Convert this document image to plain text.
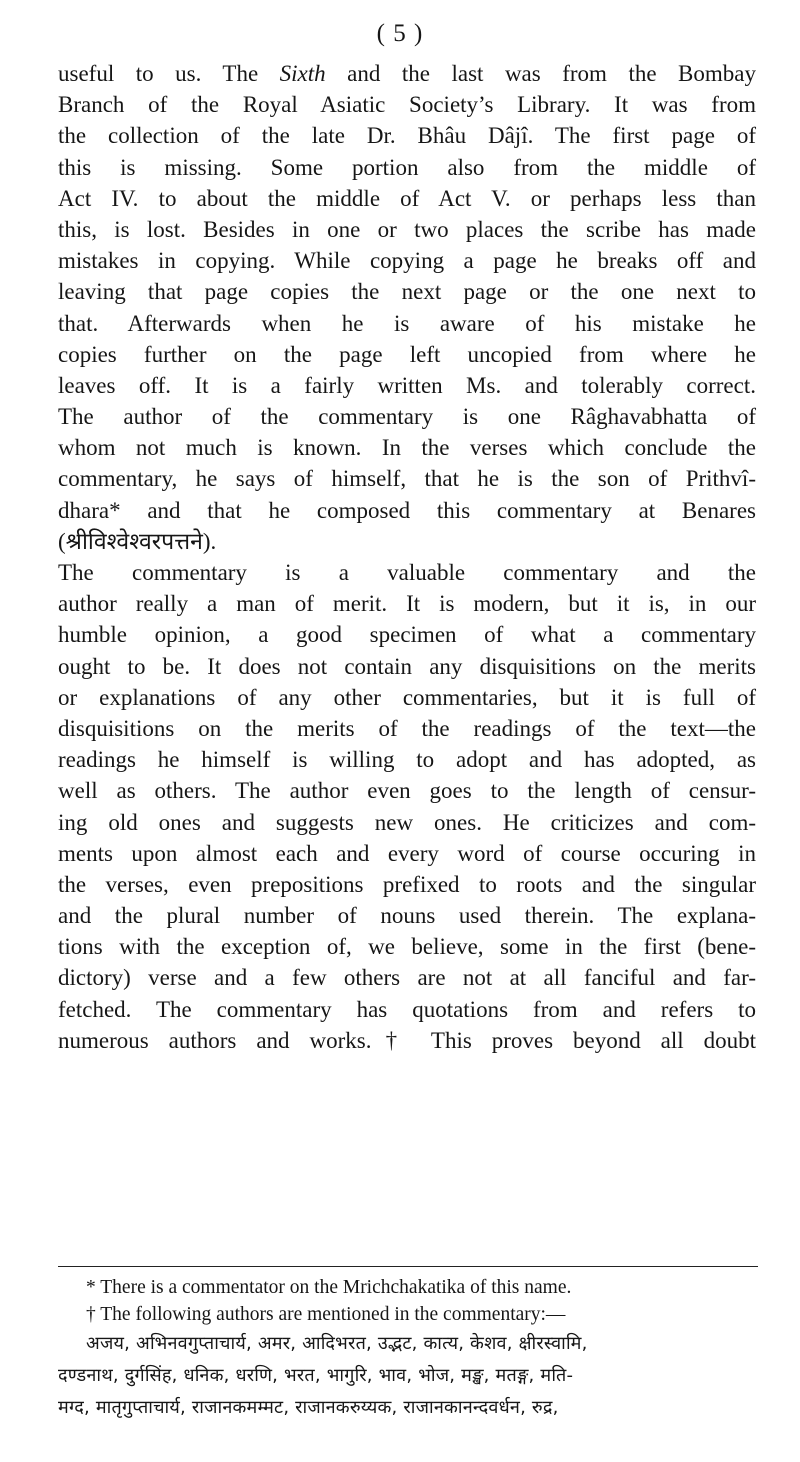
( 5 )
useful to us. The Sixth and the last was from the Bombay
Branch of the Royal Asiatic Society’s Library. It was from
the collection of the late Dr. Bhâu Dâjî. The first page of
this is missing. Some portion also from the middle of
Act IV. to about the middle of Act V. or perhaps less than
this, is lost. Besides in one or two places the scribe has made
mistakes in copying. While copying a page he breaks off and
leaving that page copies the next page or the one next to
that. Afterwards when he is aware of his mistake he
copies further on the page left uncopied from where he
leaves off. It is a fairly written Ms. and tolerably correct.
The author of the commentary is one Râghavabhatta of
whom not much is known. In the verses which conclude the
commentary, he says of himself, that he is the son of Prithvî-
dhara* and that he composed this commentary at Benares
(श्रीविश्वेश्वरपत्तने).
The commentary is a valuable commentary and the
author really a man of merit. It is modern, but it is, in our
humble opinion, a good specimen of what a commentary
ought to be. It does not contain any disquisitions on the merits
or explanations of any other commentaries, but it is full of
disquisitions on the merits of the readings of the text—the
readings he himself is willing to adopt and has adopted, as
well as others. The author even goes to the length of censur-
ing old ones and suggests new ones. He criticizes and com-
ments upon almost each and every word of course occuring in
the verses, even prepositions prefixed to roots and the singular
and the plural number of nouns used therein. The explana-
tions with the exception of, we believe, some in the first (bene-
dictory) verse and a few others are not at all fanciful and far-
fetched. The commentary has quotations from and refers to
numerous authors and works.† This proves beyond all doubt
* There is a commentator on the Mrichchakatika of this name.
† The following authors are mentioned in the commentary:—
अजय, अभिनवगुप्ताचार्य, अमर, आदिभरत, उद्भट, कात्य, केशव, क्षीरस्वामि,
दण्डनाथ, दुर्गसिंह, धनिक, धरणि, भरत, भागुरि, भाव, भोज, मङ्ख, मतङ्ग, मति-
मग्द, मातृगुप्ताचार्य, राजानकमम्मट, राजानकरुय्यक, राजानकानन्दवर्धन, रुद्र,
